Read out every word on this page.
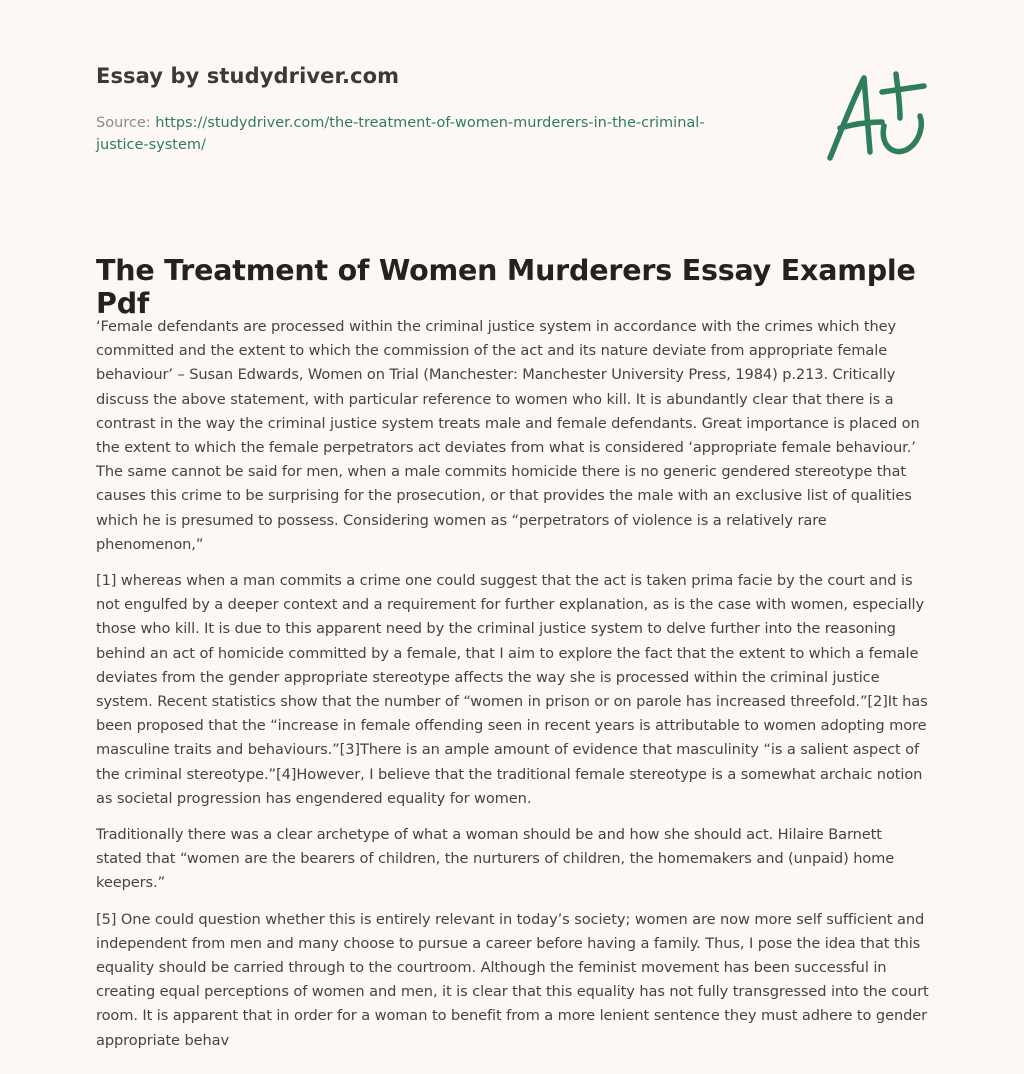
Essay by studydriver.com
Source: https://studydriver.com/the-treatment-of-women-murderers-in-the-criminal-justice-system/
The Treatment of Women Murderers Essay Example Pdf

‘Female defendants are processed within the criminal justice system in accordance with the crimes which they committed and the extent to which the commission of the act and its nature deviate from appropriate female behaviour’ – Susan Edwards, Women on Trial (Manchester: Manchester University Press, 1984) p.213. Critically discuss the above statement, with particular reference to women who kill. It is abundantly clear that there is a contrast in the way the criminal justice system treats male and female defendants. Great importance is placed on the extent to which the female perpetrators act deviates from what is considered ‘appropriate female behaviour.’ The same cannot be said for men, when a male commits homicide there is no generic gendered stereotype that causes this crime to be surprising for the prosecution, or that provides the male with an exclusive list of qualities which he is presumed to possess. Considering women as “perpetrators of violence is a relatively rare phenomenon,”

[1] whereas when a man commits a crime one could suggest that the act is taken prima facie by the court and is not engulfed by a deeper context and a requirement for further explanation, as is the case with women, especially those who kill. It is due to this apparent need by the criminal justice system to delve further into the reasoning behind an act of homicide committed by a female, that I aim to explore the fact that the extent to which a female deviates from the gender appropriate stereotype affects the way she is processed within the criminal justice system. Recent statistics show that the number of “women in prison or on parole has increased threefold.”[2]It has been proposed that the “increase in female offending seen in recent years is attributable to women adopting more masculine traits and behaviours.”[3]There is an ample amount of evidence that masculinity “is a salient aspect of the criminal stereotype.”[4]However, I believe that the traditional female stereotype is a somewhat archaic notion as societal progression has engendered equality for women.

Traditionally there was a clear archetype of what a woman should be and how she should act. Hilaire Barnett stated that “women are the bearers of children, the nurturers of children, the homemakers and (unpaid) home keepers.”

[5] One could question whether this is entirely relevant in today’s society; women are now more self sufficient and independent from men and many choose to pursue a career before having a family. Thus, I pose the idea that this equality should be carried through to the courtroom. Although the feminist movement has been successful in creating equal perceptions of women and men, it is clear that this equality has not fully transgressed into the court room. It is apparent that in order for a woman to benefit from a more lenient sentence they must adhere to gender appropriate behav
